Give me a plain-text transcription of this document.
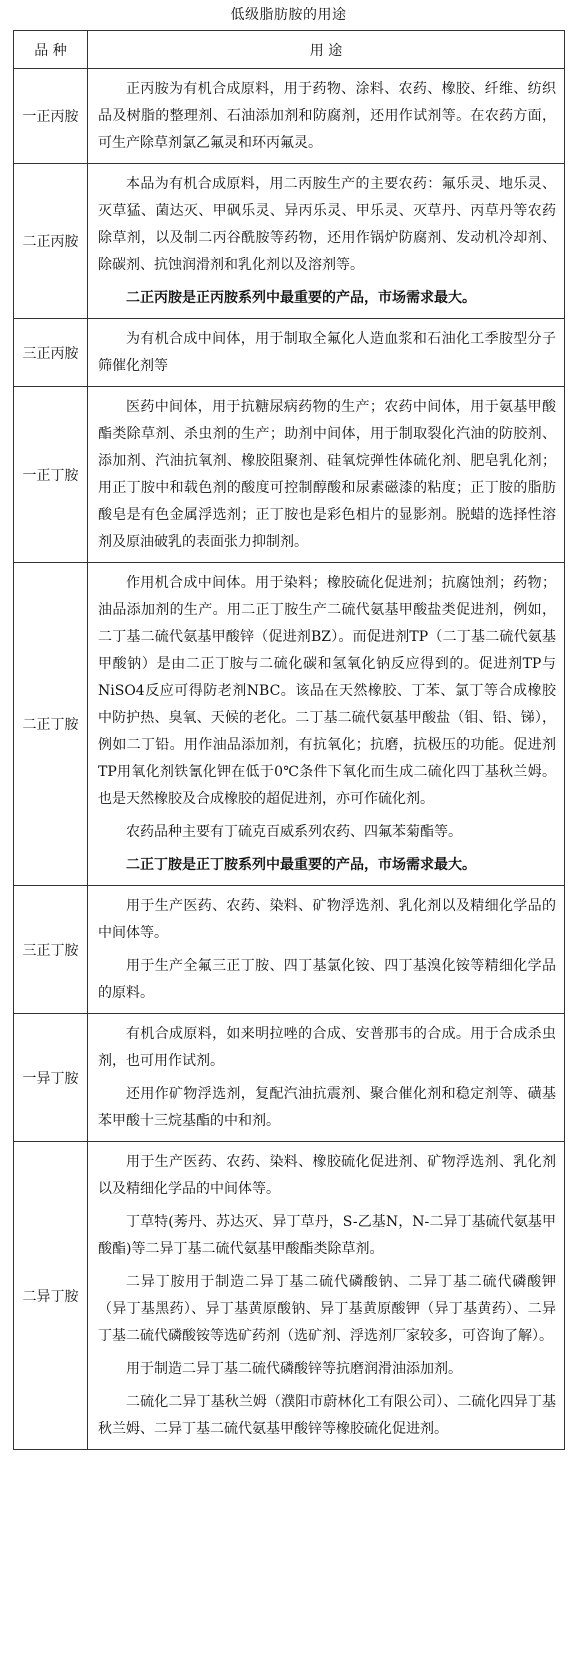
低级脂肪胺的用途
品 种	用 途
一正丙胺	正丙胺为有机合成原料，用于药物、涂料、农药、橡胶、纤维、纺织品及树脂的整理剂、石油添加剂和防腐剂，还用作试剂等。在农药方面，可生产除草剂氯乙氟灵和环丙氟灵。

二正丙胺	本品为有机合成原料，用二丙胺生产的主要农药：氟乐灵、地乐灵、灭草猛、菌达灭、甲砜乐灵、异丙乐灵、甲乐灵、灭草丹、丙草丹等农药除草剂，以及制二丙谷酰胺等药物，还用作锅炉防腐剂、发动机冷却剂、除碳剂、抗蚀润滑剂和乳化剂以及溶剂等。

二正丙胺是正丙胺系列中最重要的产品，市场需求最大。

三正丙胺	为有机合成中间体，用于制取全氟化人造血浆和石油化工季胺型分子筛催化剂等

一正丁胺	医药中间体，用于抗糖尿病药物的生产；农药中间体，用于氨基甲酸酯类除草剂、杀虫剂的生产；助剂中间体，用于制取裂化汽油的防胶剂、添加剂、汽油抗氧剂、橡胶阻聚剂、硅氧烷弹性体硫化剂、肥皂乳化剂；用正丁胺中和载色剂的酸度可控制醇酸和尿素磁漆的粘度；正丁胺的脂肪酸皂是有色金属浮选剂；正丁胺也是彩色相片的显影剂。脱蜡的选择性溶剂及原油破乳的表面张力抑制剂。

二正丁胺	作用机合成中间体。用于染料；橡胶硫化促进剂；抗腐蚀剂；药物；油品添加剂的生产。用二正丁胺生产二硫代氨基甲酸盐类促进剂，例如，二丁基二硫代氨基甲酸锌（促进剂BZ）。而促进剂TP（二丁基二硫代氨基甲酸钠）是由二正丁胺与二硫化碳和氢氧化钠反应得到的。促进剂TP与NiSO4反应可得防老剂NBC。该品在天然橡胶、丁苯、氯丁等合成橡胶中防护热、臭氧、天候的老化。二丁基二硫代氨基甲酸盐（钼、铅、锑），例如二丁铅。用作油品添加剂，有抗氧化；抗磨，抗极压的功能。促进剂TP用氧化剂铁氰化钾在低于0℃条件下氧化而生成二硫化四丁基秋兰姆。也是天然橡胶及合成橡胶的超促进剂，亦可作硫化剂。

农药品种主要有丁硫克百威系列农药、四氟苯菊酯等。

二正丁胺是正丁胺系列中最重要的产品，市场需求最大。

三正丁胺	用于生产医药、农药、染料、矿物浮选剂、乳化剂以及精细化学品的中间体等。

用于生产全氟三正丁胺、四丁基氯化铵、四丁基溴化铵等精细化学品的原料。

一异丁胺	有机合成原料，如来明拉唑的合成、安普那韦的合成。用于合成杀虫剂，也可用作试剂。

还用作矿物浮选剂，复配汽油抗震剂、聚合催化剂和稳定剂等、磺基苯甲酸十三烷基酯的中和剂。

二异丁胺	用于生产医药、农药、染料、橡胶硫化促进剂、矿物浮选剂、乳化剂以及精细化学品的中间体等。

丁草特(莠丹、苏达灭、异丁草丹，S-乙基N，N-二异丁基硫代氨基甲酸酯)等二异丁基二硫代氨基甲酸酯类除草剂。

二异丁胺用于制造二异丁基二硫代磷酸钠、二异丁基二硫代磷酸钾（异丁基黑药）、异丁基黄原酸钠、异丁基黄原酸钾（异丁基黄药）、二异丁基二硫代磷酸铵等选矿药剂（选矿剂、浮选剂厂家较多，可咨询了解）。

用于制造二异丁基二硫代磷酸锌等抗磨润滑油添加剂。

二硫化二异丁基秋兰姆（濮阳市蔚林化工有限公司）、二硫化四异丁基秋兰姆、二异丁基二硫代氨基甲酸锌等橡胶硫化促进剂。
